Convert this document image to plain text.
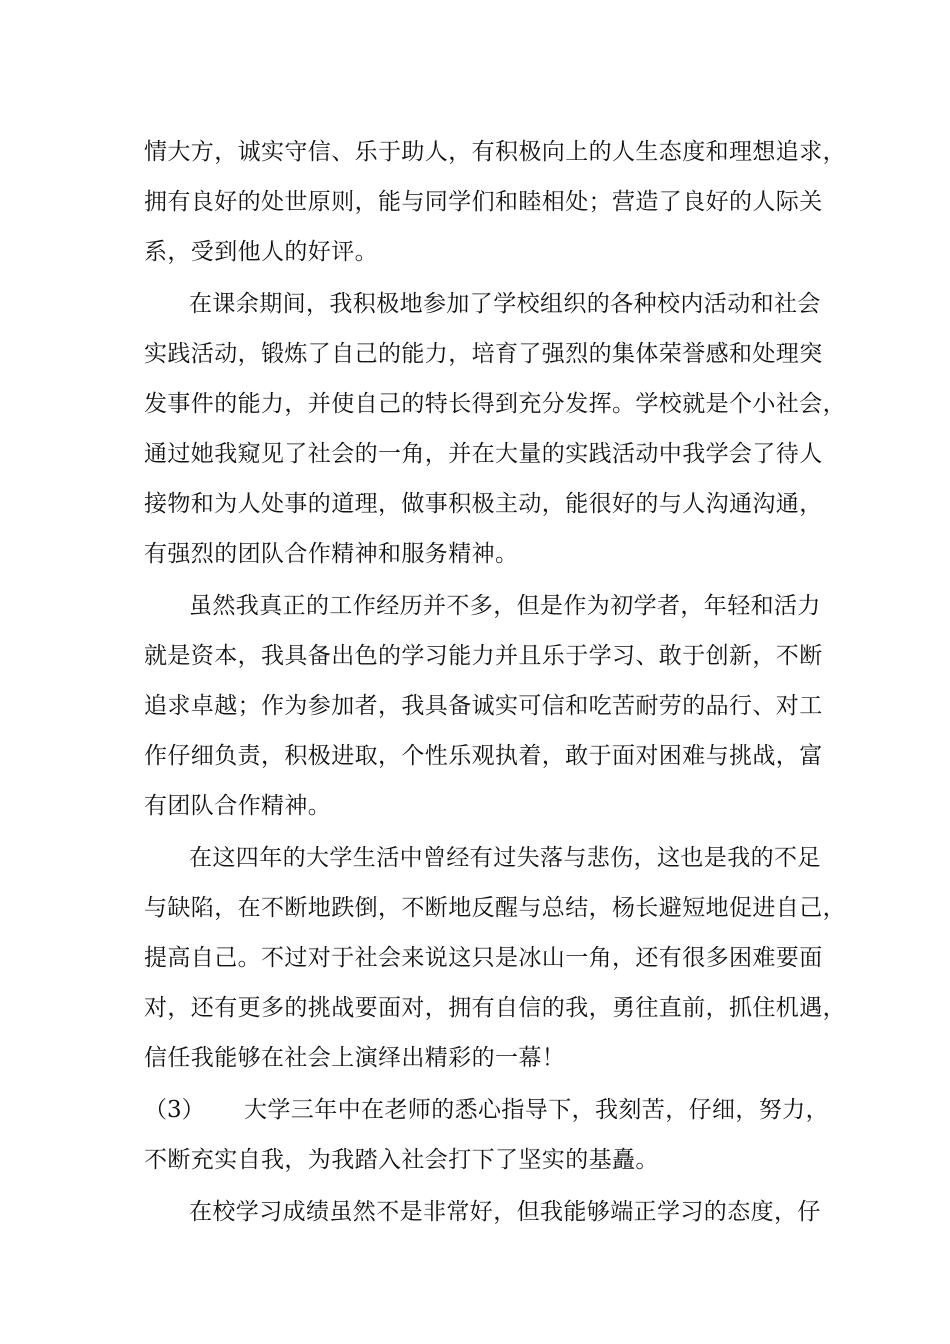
情大方，诚实守信、乐于助人，有积极向上的人生态度和理想追求，
拥有良好的处世原则，能与同学们和睦相处；营造了良好的人际关
系，受到他人的好评。
在课余期间，我积极地参加了学校组织的各种校内活动和社会
实践活动，锻炼了自己的能力，培育了强烈的集体荣誉感和处理突
发事件的能力，并使自己的特长得到充分发挥。学校就是个小社会，
通过她我窥见了社会的一角，并在大量的实践活动中我学会了待人
接物和为人处事的道理，做事积极主动，能很好的与人沟通沟通，
有强烈的团队合作精神和服务精神。
虽然我真正的工作经历并不多，但是作为初学者，年轻和活力
就是资本，我具备出色的学习能力并且乐于学习、敢于创新，不断
追求卓越；作为参加者，我具备诚实可信和吃苦耐劳的品行、对工
作仔细负责，积极进取，个性乐观执着，敢于面对困难与挑战，富
有团队合作精神。
在这四年的大学生活中曾经有过失落与悲伤，这也是我的不足
与缺陷，在不断地跌倒，不断地反醒与总结，杨长避短地促进自己，
提高自己。不过对于社会来说这只是冰山一角，还有很多困难要面
对，还有更多的挑战要面对，拥有自信的我，勇往直前，抓住机遇，
信任我能够在社会上演绎出精彩的一幕！
（3） 大学三年中在老师的悉心指导下，我刻苦，仔细，努力，
不断充实自我，为我踏入社会打下了坚实的基矗。
在校学习成绩虽然不是非常好，但我能够端正学习的态度，仔
